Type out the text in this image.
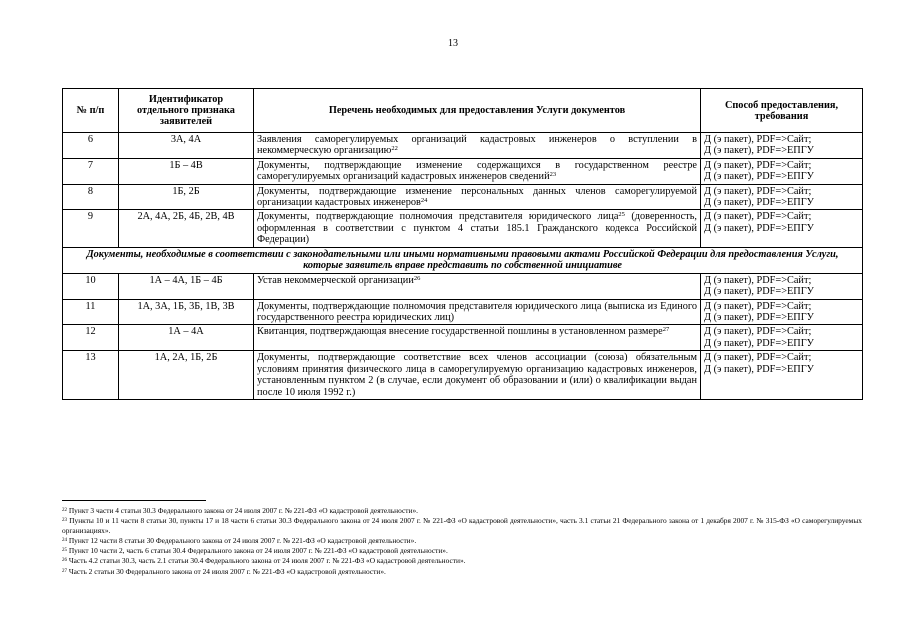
13
№ п/п	Идентификатор отдельного признака заявителей	Перечень необходимых для предоставления Услуги документов	Способ предоставления, требования
6	3А, 4А	Заявления саморегулируемых организаций кадастровых инженеров о вступлении в некоммерческую организацию$^{22}$	Д (э пакет), PDF=>Сайт;
Д (э пакет), PDF=>ЕПГУ

7	1Б – 4В	Документы, подтверждающие изменение содержащихся в государственном реестре саморегулируемых организаций кадастровых инженеров сведений$^{23}$	Д (э пакет), PDF=>Сайт;
Д (э пакет), PDF=>ЕПГУ

8	1Б, 2Б	Документы, подтверждающие изменение персональных данных членов саморегулируемой организации кадастровых инженеров$^{24}$	Д (э пакет), PDF=>Сайт;
Д (э пакет), PDF=>ЕПГУ

9	2А, 4А, 2Б, 4Б, 2В, 4В	Документы, подтверждающие полномочия представителя юридического лица$^{25}$ (доверенность, оформленная в соответствии с пунктом 4 статьи 185.1 Гражданского кодекса Российской Федерации)	Д (э пакет), PDF=>Сайт;
Д (э пакет), PDF=>ЕПГУ

Документы, необходимые в соответствии с законодательными или иными нормативными правовыми актами Российской Федерации для предоставления Услуги, которые заявитель вправе представить по собственной инициативе			
10	1А – 4А, 1Б – 4Б	Устав некоммерческой организации$^{26}$	Д (э пакет), PDF=>Сайт;
Д (э пакет), PDF=>ЕПГУ

11	1А, 3А, 1Б, 3Б, 1В, 3В	Документы, подтверждающие полномочия представителя юридического лица (выписка из Единого государственного реестра юридических лиц)	Д (э пакет), PDF=>Сайт;
Д (э пакет), PDF=>ЕПГУ

12	1А – 4А	Квитанция, подтверждающая внесение государственной пошлины в установленном размере$^{27}$	Д (э пакет), PDF=>Сайт;
Д (э пакет), PDF=>ЕПГУ

13	1А, 2А, 1Б, 2Б	Документы, подтверждающие соответствие всех членов ассоциации (союза) обязательным условиям принятия физического лица в саморегулируемую организацию кадастровых инженеров, установленным пунктом 2 (в случае, если документ об образовании и (или) о квалификации выдан после 10 июля 1992 г.)	Д (э пакет), PDF=>Сайт;
Д (э пакет), PDF=>ЕПГУ

$^{22}$ Пункт 3 части 4 статьи 30.3 Федерального закона от 24 июля 2007 г. № 221-ФЗ «О кадастровой деятельности».

$^{23}$ Пункты 10 и 11 части 8 статьи 30, пункты 17 и 18 части 6 статьи 30.3 Федерального закона от 24 июля 2007 г. № 221-ФЗ «О кадастровой деятельности», часть 3.1 статьи 21 Федерального закона от 1 декабря 2007 г. № 315-ФЗ «О саморегулируемых организациях».

$^{24}$ Пункт 12 части 8 статьи 30 Федерального закона от 24 июля 2007 г. № 221-ФЗ «О кадастровой деятельности».

$^{25}$ Пункт 10 части 2, часть 6 статьи 30.4 Федерального закона от 24 июля 2007 г. № 221-ФЗ «О кадастровой деятельности».

$^{26}$ Часть 4.2 статьи 30.3, часть 2.1 статьи 30.4 Федерального закона от 24 июля 2007 г. № 221-ФЗ «О кадастровой деятельности».

$^{27}$ Часть 2 статьи 30 Федерального закона от 24 июля 2007 г. № 221-ФЗ «О кадастровой деятельности».
